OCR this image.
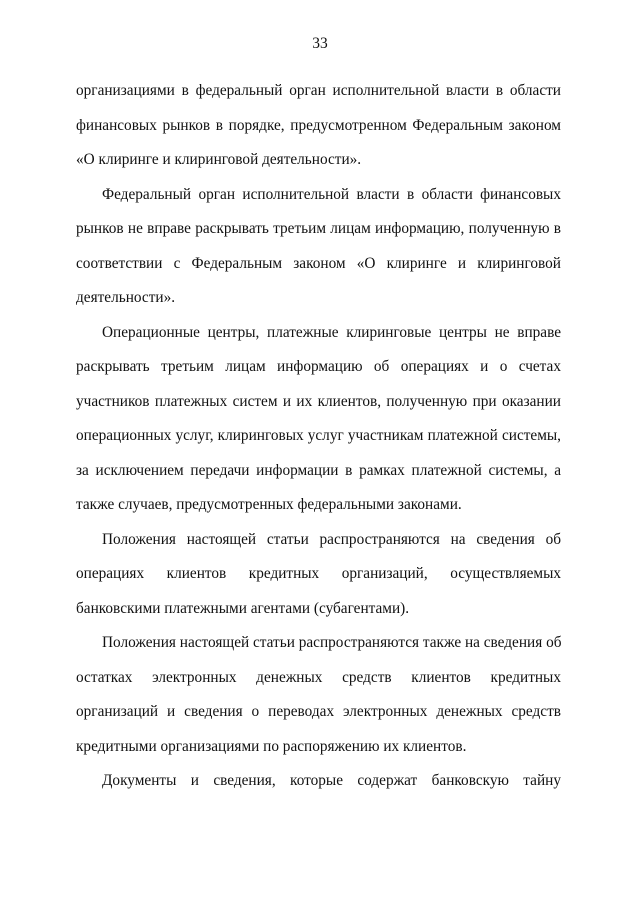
33
организациями в федеральный орган исполнительной власти в области
финансовых рынков в порядке, предусмотренном Федеральным законом
«О клиринге и клиринговой деятельности».
Федеральный орган исполнительной власти в области финансовых
рынков не вправе раскрывать третьим лицам информацию, полученную в
соответствии с Федеральным законом «О клиринге и клиринговой
деятельности».
Операционные центры, платежные клиринговые центры не вправе
раскрывать третьим лицам информацию об операциях и о счетах
участников платежных систем и их клиентов, полученную при оказании
операционных услуг, клиринговых услуг участникам платежной системы,
за исключением передачи информации в рамках платежной системы, а
также случаев, предусмотренных федеральными законами.
Положения настоящей статьи распространяются на сведения об
операциях клиентов кредитных организаций, осуществляемых
банковскими платежными агентами (субагентами).
Положения настоящей статьи распространяются также на сведения об
остатках электронных денежных средств клиентов кредитных
организаций и сведения о переводах электронных денежных средств
кредитными организациями по распоряжению их клиентов.
Документы и сведения, которые содержат банковскую тайну
